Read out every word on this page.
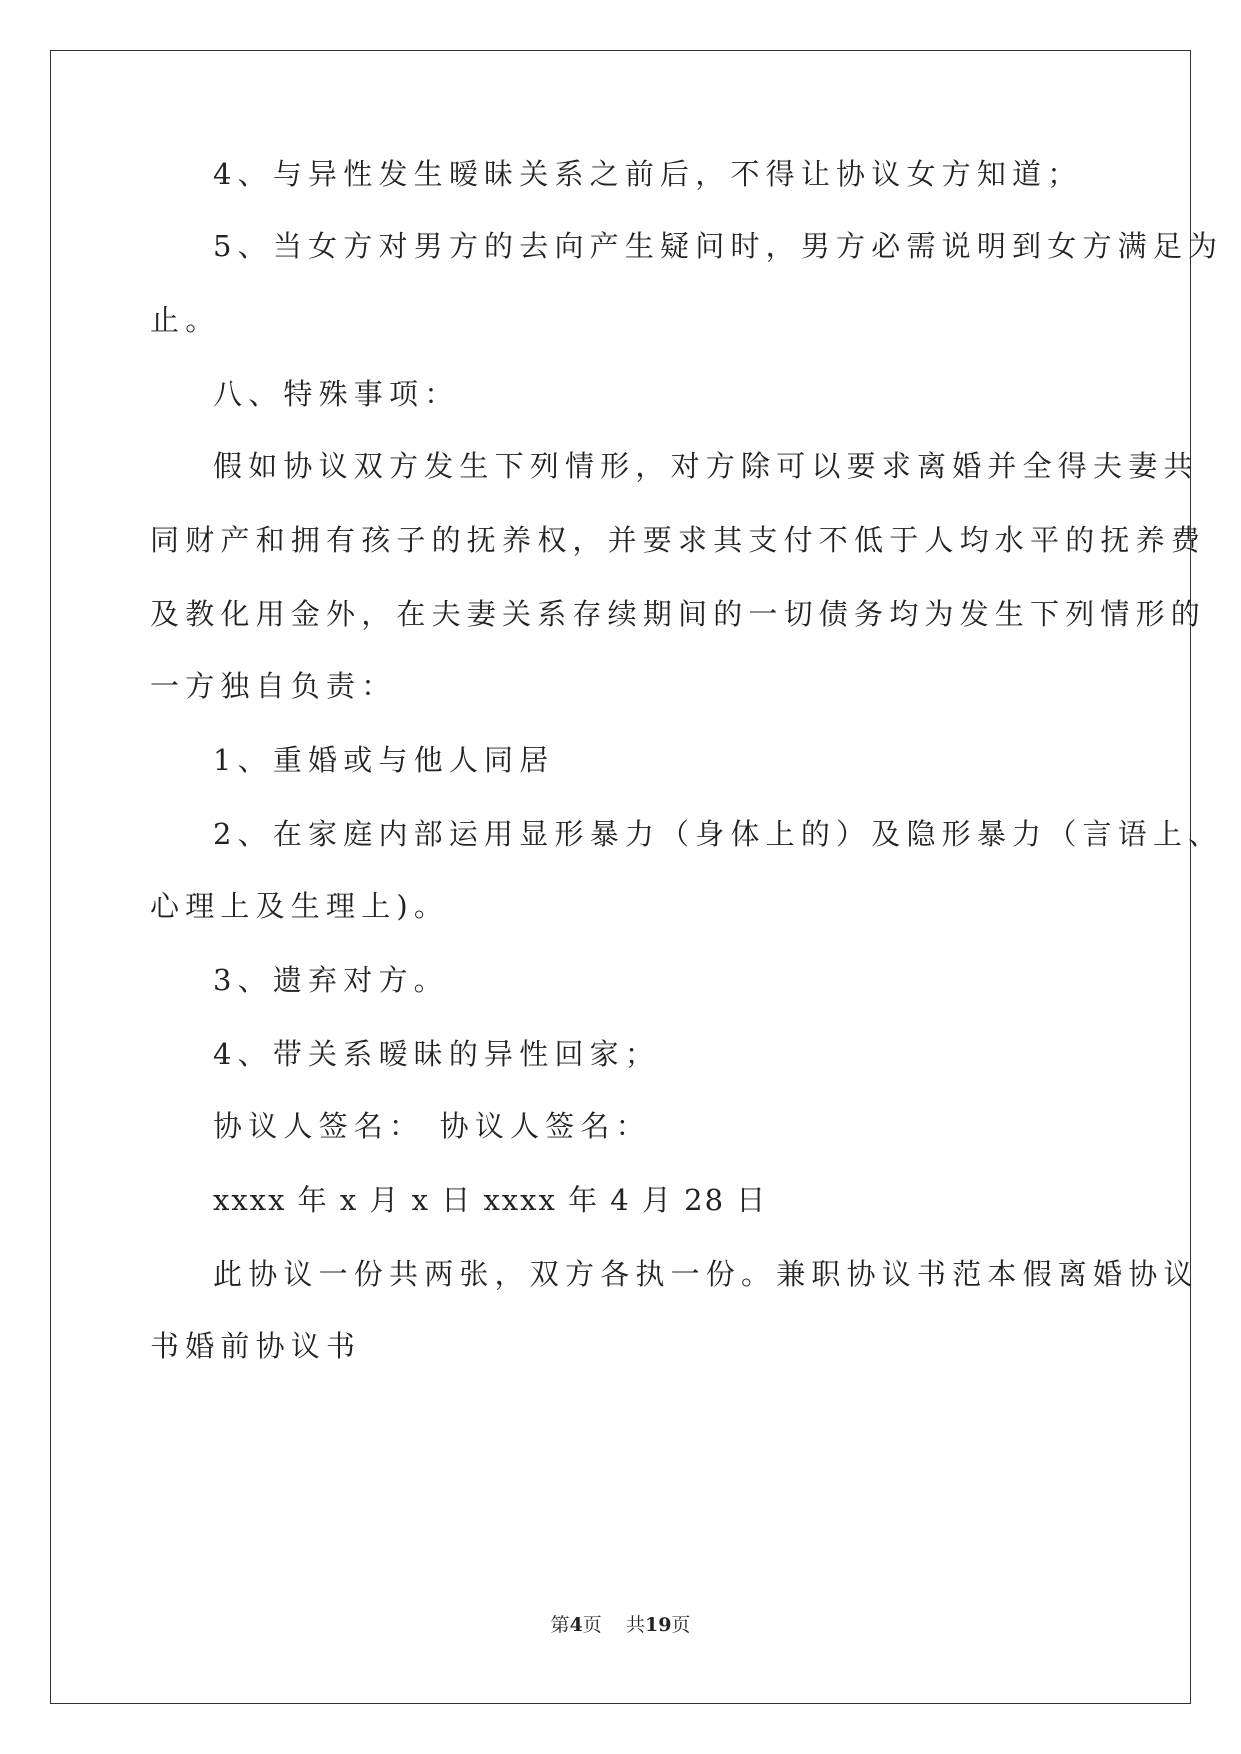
4、与异性发生暧昧关系之前后，不得让协议女方知道；
5、当女方对男方的去向产生疑问时，男方必需说明到女方满足为
止。
八、特殊事项：
假如协议双方发生下列情形，对方除可以要求离婚并全得夫妻共
同财产和拥有孩子的抚养权，并要求其支付不低于人均水平的抚养费
及教化用金外，在夫妻关系存续期间的一切债务均为发生下列情形的
一方独自负责：
1、重婚或与他人同居
2、在家庭内部运用显形暴力（身体上的）及隐形暴力（言语上、
心理上及生理上)。
3、遗弃对方。
4、带关系暧昧的异性回家；
协议人签名： 协议人签名：
xxxx 年 x 月 x 日 xxxx 年 4 月 28 日
此协议一份共两张，双方各执一份。兼职协议书范本假离婚协议
书婚前协议书
第4页    共19页
